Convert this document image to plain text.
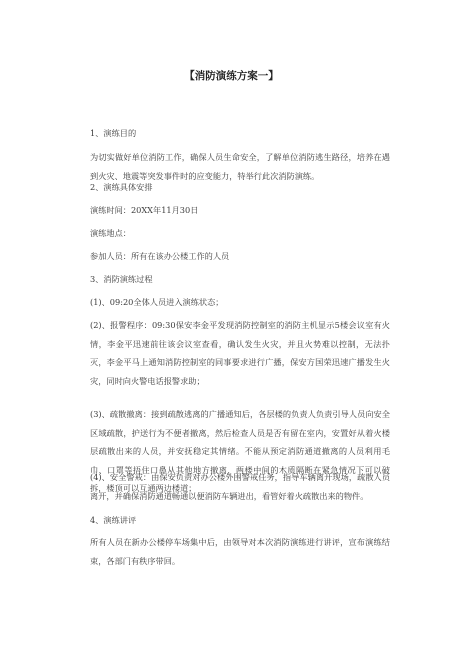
【消防演练方案一】
1、演练目的
为切实做好单位消防工作，确保人员生命安全，了解单位消防逃生路径，培养在遇到火灾、地震等突发事件时的应变能力，特举行此次消防演练。
2、演练具体安排
演练时间：20XX年11月30日
演练地点：
参加人员：所有在该办公楼工作的人员
3、消防演练过程
(1)、09:20全体人员进入演练状态；
(2)、报警程序：09:30保安李金平发现消防控制室的消防主机显示5楼会议室有火情，李金平迅速前往该会议室查看，确认发生火灾，并且火势难以控制，无法扑灭，李金平马上通知消防控制室的同事要求进行广播，保安方国荣迅速广播发生火灾，同时向火警电话报警求助；
(3)、疏散撤离：接到疏散逃离的广播通知后，各层楼的负责人负责引导人员向安全区域疏散，护送行为不便者撤离，然后检查人员是否有留在室内，安置好从着火楼层疏散出来的人员，并安抚稳定其情绪。不能从预定消防通道撤离的人员利用毛巾、口罩等捂住口鼻从其他地方撤离，两楼中间的木质隔断在紧急情况下可以破拆，楼顶可以互通两边楼道；
(4)、安全警戒：由保安负责对办公楼外围警戒任务，指导车辆离开现场，疏散人员离开，并确保消防通道畅通以便消防车辆进出，看管好着火疏散出来的物件。
4、演练讲评
所有人员在新办公楼停车场集中后，由领导对本次消防演练进行讲评，宣布演练结束，各部门有秩序带回。
